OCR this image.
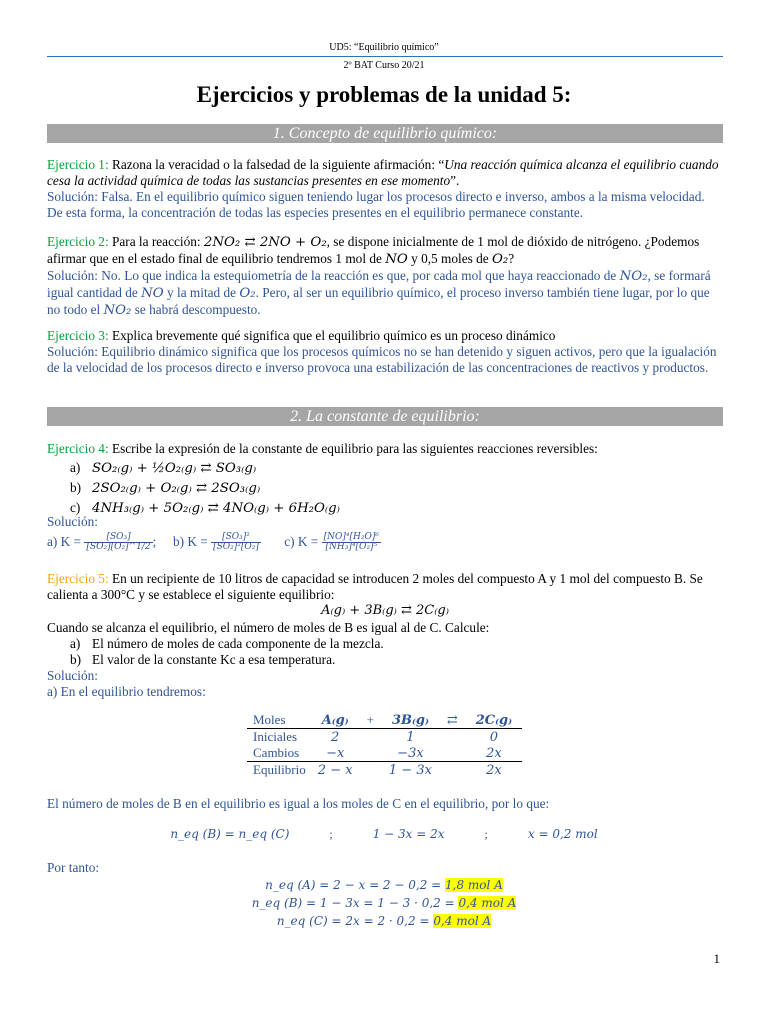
UD5: “Equilibrio químico”
2º BAT Curso 20/21
Ejercicios y problemas de la unidad 5:
1. Concepto de equilibrio químico:
Ejercicio 1: Razona la veracidad o la falsedad de la siguiente afirmación: “Una reacción química alcanza el equilibrio cuando cesa la actividad química de todas las sustancias presentes en ese momento”.
Solución: Falsa. En el equilibrio químico siguen teniendo lugar los procesos directo e inverso, ambos a la misma velocidad. De esta forma, la concentración de todas las especies presentes en el equilibrio permanece constante.
Ejercicio 2: Para la reacción: 2NO₂ ⇄ 2NO + O₂, se dispone inicialmente de 1 mol de dióxido de nitrógeno. ¿Podemos afirmar que en el estado final de equilibrio tendremos 1 mol de NO y 0,5 moles de O₂?
Solución: No. Lo que indica la estequiometría de la reacción es que, por cada mol que haya reaccionado de NO₂, se formará igual cantidad de NO y la mitad de O₂. Pero, al ser un equilibrio químico, el proceso inverso también tiene lugar, por lo que no todo el NO₂ se habrá descompuesto.
Ejercicio 3: Explica brevemente qué significa que el equilibrio químico es un proceso dinámico
Solución: Equilibrio dinámico significa que los procesos químicos no se han detenido y siguen activos, pero que la igualación de la velocidad de los procesos directo e inverso provoca una estabilización de las concentraciones de reactivos y productos.
2. La constante de equilibrio:
Ejercicio 4: Escribe la expresión de la constante de equilibrio para las siguientes reacciones reversibles:
a) SO₂₍g₎ + ½O₂₍g₎ ⇄ SO₃₍g₎
b) 2SO₂₍g₎ + O₂₍g₎ ⇄ 2SO₃₍g₎
c) 4NH₃₍g₎ + 5O₂₍g₎ ⇄ 4NO₍g₎ + 6H₂O₍g₎
Solución:
a) $K = \frac{\text{[SO₃]}}{\text{[SO₂][O₂]\textasciicircum{}1/2}}$ ; b) $K = \frac{\text{[SO₃]²}}{\text{[SO₂]²[O₂]}} c$) $K = \frac{\text{[NO]⁴[H₂O]⁶}}{\text{[NH₃]⁴[O₂]⁵}}$
Ejercicio 5: En un recipiente de 10 litros de capacidad se introducen 2 moles del compuesto A y 1 mol del compuesto B. Se calienta a 300°C y se establece el siguiente equilibrio:
A₍g₎ + 3B₍g₎ ⇄ 2C₍g₎
Cuando se alcanza el equilibrio, el número de moles de B es igual al de C. Calcule:
a) El número de moles de cada componente de la mezcla.
b) El valor de la constante Kc a esa temperatura.
Solución:
a) En el equilibrio tendremos:
Moles	A₍g₎	+	3B₍g₎	⇄	2C₍g₎
Iniciales	2		1		0
Cambios	−x		−3x		2x
Equilibrio	2 − x		1 − 3x		2x
El número de moles de B en el equilibrio es igual a los moles de C en el equilibrio, por lo que:
n_eq (B) = n_eq (C)	;	1 − 3x = 2x	;	x = 0,2 mol
Por tanto:
n_eq (A) = 2 − x = 2 − 0,2 = 1,8 mol A
n_eq (B) = 1 − 3x = 1 − 3 · 0,2 = 0,4 mol A
n_eq (C) = 2x = 2 · 0,2 = 0,4 mol A
1
